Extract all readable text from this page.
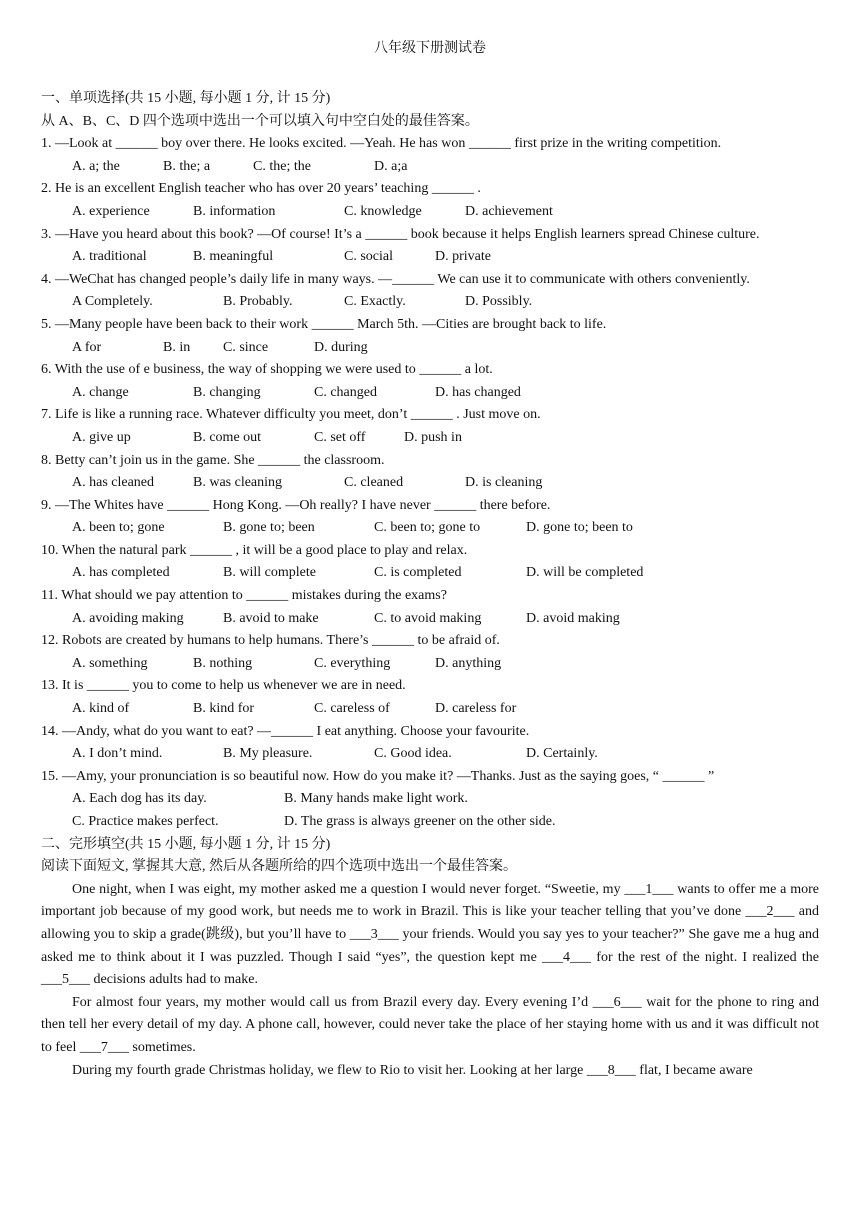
八年级下册测试卷
一、单项选择(共 15 小题, 每小题 1 分, 计 15 分)
从 A、B、C、D 四个选项中选出一个可以填入句中空白处的最佳答案。
1. —Look at ______ boy over there. He looks excited. —Yeah. He has won ______ first prize in the writing competition.
A. a; the	B. the; a	C. the; the	D. a;a
2. He is an excellent English teacher who has over 20 years’ teaching ______ .
A. experience	B. information	C. knowledge	D. achievement
3. —Have you heard about this book? —Of course! It’s a ______ book because it helps English learners spread Chinese culture.
A. traditional	B. meaningful	C. social	D. private
4. —WeChat has changed people’s daily life in many ways. —______ We can use it to communicate with others conveniently.
A Completely.	B. Probably.	C. Exactly.	D. Possibly.
5. —Many people have been back to their work ______ March 5th. —Cities are brought back to life.
A for	B. in C. since	D. during
6. With the use of e business, the way of shopping we were used to ______ a lot.
A. change	B. changing	C. changed	D. has changed
7. Life is like a running race. Whatever difficulty you meet, don’t ______ . Just move on.
A. give up	B. come out	C. set off	D. push in
8. Betty can’t join us in the game. She ______ the classroom.
A. has cleaned	B. was cleaning	C. cleaned	D. is cleaning
9. —The Whites have ______ Hong Kong. —Oh really? I have never ______ there before.
A. been to; gone	B. gone to; been	C. been to; gone to	D. gone to; been to
10. When the natural park ______ , it will be a good place to play and relax.
A. has completed	B. will complete	C. is completed	D. will be completed
11. What should we pay attention to ______ mistakes during the exams?
A. avoiding making	B. avoid to make	C. to avoid making	D. avoid making
12. Robots are created by humans to help humans. There’s ______ to be afraid of.
A. something	B. nothing	C. everything	D. anything
13. It is ______ you to come to help us whenever we are in need.
A. kind of	B. kind for	C. careless of	D. careless for
14. —Andy, what do you want to eat? —______ I eat anything. Choose your favourite.
A. I don’t mind.	B. My pleasure.	C. Good idea.	D. Certainly.
15. —Amy, your pronunciation is so beautiful now. How do you make it? —Thanks. Just as the saying goes, “ ______ ”
A. Each dog has its day.	B. Many hands make light work.
C. Practice makes perfect.	D. The grass is always greener on the other side.
二、完形填空(共 15 小题, 每小题 1 分, 计 15 分)
阅读下面短文, 掌握其大意, 然后从各题所给的四个选项中选出一个最佳答案。
One night, when I was eight, my mother asked me a question I would never forget. “Sweetie, my ___1___ wants to offer me a more important job because of my good work, but needs me to work in Brazil. This is like your teacher telling that you’ve done ___2___ and allowing you to skip a grade(跳级), but you’ll have to ___3___ your friends. Would you say yes to your teacher?” She gave me a hug and asked me to think about it I was puzzled. Though I said “yes”, the question kept me ___4___ for the rest of the night. I realized the ___5___ decisions adults had to make.
For almost four years, my mother would call us from Brazil every day. Every evening I’d ___6___ wait for the phone to ring and then tell her every detail of my day. A phone call, however, could never take the place of her staying home with us and it was difficult not to feel ___7___ sometimes.
During my fourth grade Christmas holiday, we flew to Rio to visit her. Looking at her large ___8___ flat, I became aware
